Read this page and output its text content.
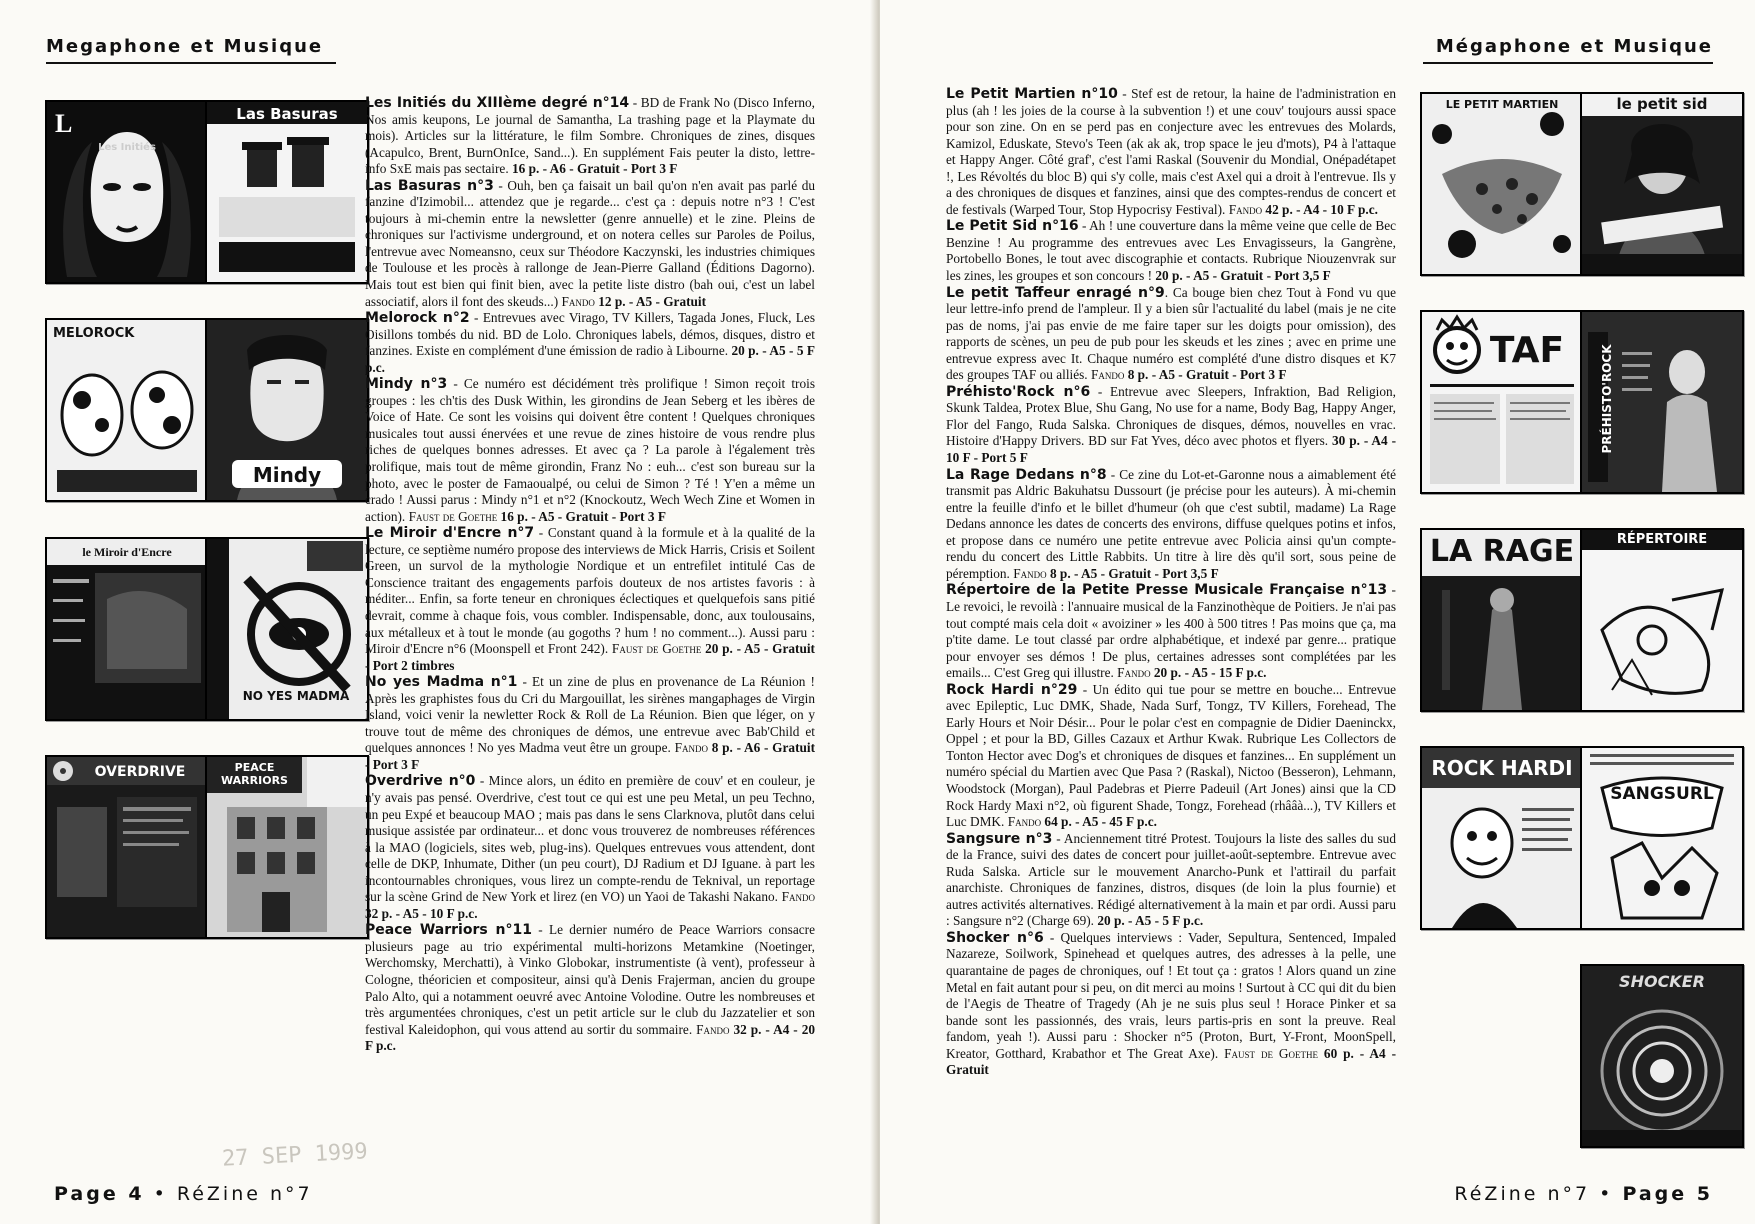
Megaphone et Musique
L
Les Initiés
Las Basuras
MELOROCK
Mindy
le Miroir d'Encre
NO YES MADMA
OVERDRIVE	PEACE WARRIORS
Les Initiés du XIIIème degré n°14 - BD de Frank No (Disco Inferno, Nos amis keupons, Le journal de Samantha, La trashing page et la Playmate du mois). Articles sur la littérature, le film Sombre. Chroniques de zines, disques (Acapulco, Brent, BurnOnIce, Sand...). En supplément Fais peuter la disto, lettre-info SxE mais pas sectaire. 16 p. - A6 - Gratuit - Port 3 F
Las Basuras n°3 - Ouh, ben ça faisait un bail qu'on n'en avait pas parlé du fanzine d'Izimobil... attendez que je regarde... c'est ça : depuis notre n°3 ! C'est toujours à mi-chemin entre la newsletter (genre annuelle) et le zine. Pleins de chroniques sur l'activisme underground, et on notera celles sur Paroles de Poilus, l'entrevue avec Nomeansno, ceux sur Théodore Kaczynski, les industries chimiques de Toulouse et les procès à rallonge de Jean-Pierre Galland (Éditions Dagorno). Mais tout est bien qui finit bien, avec la petite liste distro (bah oui, c'est un label associatif, alors il font des skeuds...) Fando 12 p. - A5 - Gratuit
Melorock n°2 - Entrevues avec Virago, TV Killers, Tagada Jones, Fluck, Les Oisillons tombés du nid. BD de Lolo. Chroniques labels, démos, disques, distro et fanzines. Existe en complément d'une émission de radio à Libourne. 20 p. - A5 - 5 F p.c.
Mindy n°3 - Ce numéro est décidément très prolifique ! Simon reçoit trois groupes : les ch'tis des Dusk Within, les girondins de Jean Seberg et les ibères de Voice of Hate. Ce sont les voisins qui doivent être content ! Quelques chroniques musicales tout aussi énervées et une revue de zines histoire de vous rendre plus riches de quelques bonnes adresses. Et avec ça ? La parole à l'également très prolifique, mais tout de même girondin, Franz No : euh... c'est son bureau sur la photo, avec le poster de Famaoualpé, ou celui de Simon ? Té ! Y'en a même un crado ! Aussi parus : Mindy n°1 et n°2 (Knockoutz, Wech Wech Zine et Women in action). Faust de Goethe 16 p. - A5 - Gratuit - Port 3 F
Le Miroir d'Encre n°7 - Constant quand à la formule et à la qualité de la lecture, ce septième numéro propose des interviews de Mick Harris, Crisis et Soilent Green, un survol de la mythologie Nordique et un entrefilet intitulé Cas de Conscience traitant des engagements parfois douteux de nos artistes favoris : à méditer... Enfin, sa forte teneur en chroniques éclectiques et quelquefois sans pitié devrait, comme à chaque fois, vous combler. Indispensable, donc, aux toulousains, aux métalleux et à tout le monde (au gogoths ? hum ! no comment...). Aussi paru : Miroir d'Encre n°6 (Moonspell et Front 242). Faust de Goethe 20 p. - A5 - Gratuit - Port 2 timbres
No yes Madma n°1 - Et un zine de plus en provenance de La Réunion ! Après les graphistes fous du Cri du Margouillat, les sirènes mangaphages de Virgin Island, voici venir la newletter Rock & Roll de La Réunion. Bien que léger, on y trouve tout de même des chroniques de démos, une entrevue avec Bab'Child et quelques annonces ! No yes Madma veut être un groupe. Fando 8 p. - A6 - Gratuit - Port 3 F
Overdrive n°0 - Mince alors, un édito en première de couv' et en couleur, je n'y avais pas pensé. Overdrive, c'est tout ce qui est une peu Metal, un peu Techno, un peu Expé et beaucoup MAO ; mais pas dans le sens Clarknova, plutôt dans celui musique assistée par ordinateur... et donc vous trouverez de nombreuses références à la MAO (logiciels, sites web, plug-ins). Quelques entrevues vous attendent, dont celle de DKP, Inhumate, Dither (un peu court), DJ Radium et DJ Iguane. à part les incontournables chroniques, vous lirez un compte-rendu de Teknival, un reportage sur la scène Grind de New York et lirez (en VO) un Yaoi de Takashi Nakano. Fando 32 p. - A5 - 10 F p.c.
Peace Warriors n°11 - Le dernier numéro de Peace Warriors consacre plusieurs page au trio expérimental multi-horizons Metamkine (Noetinger, Werchomsky, Merchatti), à Vinko Globokar, instrumentiste (à vent), professeur à Cologne, théoricien et compositeur, ainsi qu'à Denis Frajerman, ancien du groupe Palo Alto, qui a notamment oeuvré avec Antoine Volodine. Outre les nombreuses et très argumentées chroniques, c'est un petit article sur le club du Jazzatelier et son festival Kaleidophon, qui vous attend au sortir du sommaire. Fando 32 p. - A4 - 20 F p.c.
27 SEP 1999
Page 4 • RéZine n°7
Mégaphone et Musique
Le Petit Martien n°10 - Stef est de retour, la haine de l'administration en plus (ah ! les joies de la course à la subvention !) et une couv' toujours aussi space pour son zine. On en se perd pas en conjecture avec les entrevues des Molards, Kamizol, Eduskate, Stevo's Teen (ak ak ak, trop space le jeu d'mots), P4 à l'attaque et Happy Anger. Côté graf', c'est l'ami Raskal (Souvenir du Mondial, Onépadétapet !, Les Révoltés du bloc B) qui s'y colle, mais c'est Axel qui a droit à l'entrevue. Ils y a des chroniques de disques et fanzines, ainsi que des comptes-rendus de concert et de festivals (Warped Tour, Stop Hypocrisy Festival). Fando 42 p. - A4 - 10 F p.c.
Le Petit Sid n°16 - Ah ! une couverture dans la même veine que celle de Bec Benzine ! Au programme des entrevues avec Les Envagisseurs, la Gangrène, Portobello Bones, le tout avec discographie et contacts. Rubrique Niouzenvrak sur les zines, les groupes et son concours ! 20 p. - A5 - Gratuit - Port 3,5 F
Le petit Taffeur enragé n°9. Ca bouge bien chez Tout à Fond vu que leur lettre-info prend de l'ampleur. Il y a bien sûr l'actualité du label (mais je ne cite pas de noms, j'ai pas envie de me faire taper sur les doigts pour omission), des rapports de scènes, un peu de pub pour les skeuds et les zines ; avec en prime une entrevue express avec It. Chaque numéro est complété d'une distro disques et K7 des groupes TAF ou alliés. Fando 8 p. - A5 - Gratuit - Port 3 F
Préhisto'Rock n°6 - Entrevue avec Sleepers, Infraktion, Bad Religion, Skunk Taldea, Protex Blue, Shu Gang, No use for a name, Body Bag, Happy Anger, Flor del Fango, Ruda Salska. Chroniques de disques, démos, nouvelles en vrac. Histoire d'Happy Drivers. BD sur Fat Yves, déco avec photos et flyers. 30 p. - A4 - 10 F - Port 5 F
La Rage Dedans n°8 - Ce zine du Lot-et-Garonne nous a aimablement été transmit pas Aldric Bakuhatsu Dussourt (je précise pour les auteurs). À mi-chemin entre la feuille d'info et le billet d'humeur (oh que c'est subtil, madame) La Rage Dedans annonce les dates de concerts des environs, diffuse quelques potins et infos, et propose dans ce numéro une petite entrevue avec Policia ainsi qu'un compte-rendu du concert des Little Rabbits. Un titre à lire dès qu'il sort, sous peine de péremption. Fando 8 p. - A5 - Gratuit - Port 3,5 F
Répertoire de la Petite Presse Musicale Française n°13 - Le revoici, le revoilà : l'annuaire musical de la Fanzinothèque de Poitiers. Je n'ai pas tout compté mais cela doit « avoiziner » les 400 à 500 titres ! Pas moins que ça, ma p'tite dame. Le tout classé par ordre alphabétique, et indexé par genre... pratique pour envoyer ses démos ! De plus, certaines adresses sont complétées par les emails... C'est Greg qui illustre. Fando 20 p. - A5 - 15 F p.c.
Rock Hardi n°29 - Un édito qui tue pour se mettre en bouche... Entrevue avec Epileptic, Luc DMK, Shade, Nada Surf, Tongz, TV Killers, Forehead, The Early Hours et Noir Désir... Pour le polar c'est en compagnie de Didier Daeninckx, Oppel ; et pour la BD, Gilles Cazaux et Arthur Kwak. Rubrique Les Collectors de Tonton Hector avec Dog's et chroniques de disques et fanzines... En supplément un numéro spécial du Martien avec Que Pasa ? (Raskal), Nictoo (Besseron), Lehmann, Woodstock (Morgan), Paul Padebras et Pierre Padeuil (Art Jones) ainsi que la CD Rock Hardy Maxi n°2, où figurent Shade, Tongz, Forehead (rhââà...), TV Killers et Luc DMK. Fando 64 p. - A5 - 45 F p.c.
Sangsure n°3 - Anciennement titré Protest. Toujours la liste des salles du sud de la France, suivi des dates de concert pour juillet-août-septembre. Entrevue avec Ruda Salska. Article sur le mouvement Anarcho-Punk et l'attirail du parfait anarchiste. Chroniques de fanzines, distros, disques (de loin la plus fournie) et autres activités alternatives. Rédigé alternativement à la main et par ordi. Aussi paru : Sangsure n°2 (Charge 69). 20 p. - A5 - 5 F p.c.
Shocker n°6 - Quelques interviews : Vader, Sepultura, Sentenced, Impaled Nazareze, Soilwork, Spinehead et quelques autres, des adresses à la pelle, une quarantaine de pages de chroniques, ouf ! Et tout ça : gratos ! Alors quand un zine Metal en fait autant pour si peu, on dit merci au moins ! Surtout à CC qui dit du bien de l'Aegis de Theatre of Tragedy (Ah je ne suis plus seul ! Horace Pinker et sa bande sont les passionnés, des vrais, leurs partis-pris en sont la preuve. Real fandom, yeah !). Aussi paru : Shocker n°5 (Proton, Burt, Y-Front, MoonSpell, Kreator, Gotthard, Krabathor et The Great Axe). Faust de Goethe 60 p. - A4 - Gratuit
LE PETIT MARTIEN	le petit sid
TAF	PRÉHISTO'ROCK
LA RAGE	RÉPERTOIRE
ROCK HARDI
SANGSURL
SHOCKER
RéZine n°7 • Page 5
